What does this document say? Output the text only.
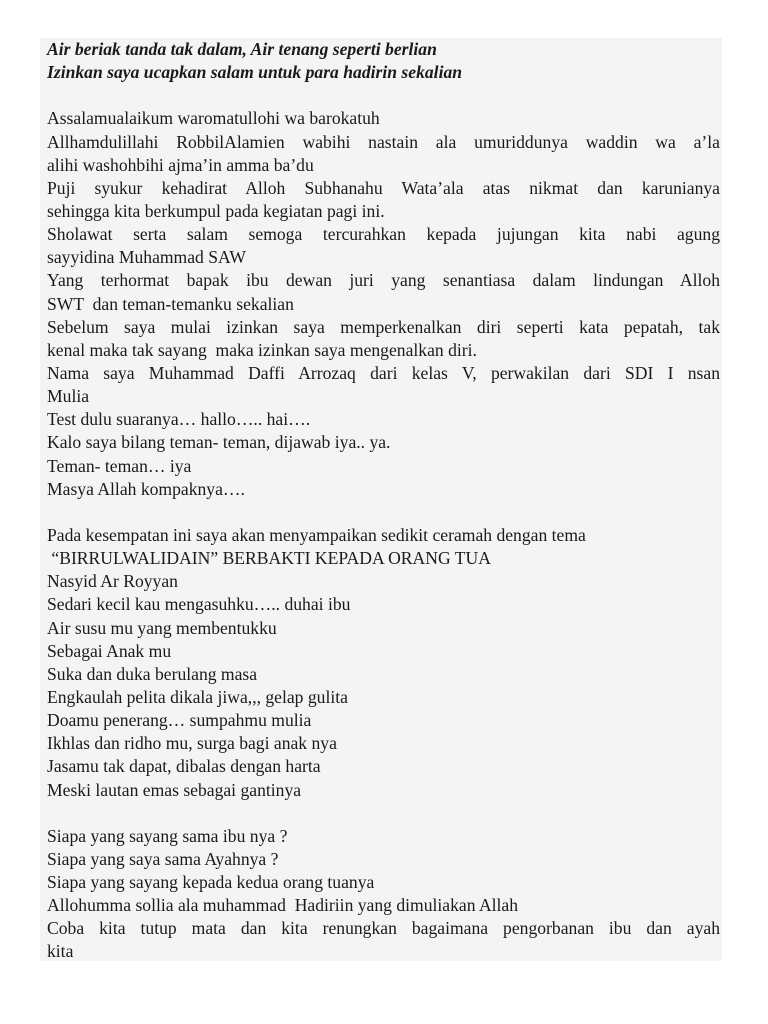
Air beriak tanda tak dalam, Air tenang seperti berlian
Izinkan saya ucapkan salam untuk para hadirin sekalian
Assalamualaikum waromatullohi wa barokatuh
Allhamdulillahi RobbilAlamien wabihi nastain ala umuriddunya waddin wa a’la
alihi washohbihi ajma’in amma ba’du
Puji syukur kehadirat Alloh Subhanahu Wata’ala atas nikmat dan karunianya
sehingga kita berkumpul pada kegiatan pagi ini.
Sholawat serta salam semoga tercurahkan kepada jujungan kita nabi agung
sayyidina Muhammad SAW
Yang terhormat bapak ibu dewan juri yang senantiasa dalam lindungan Alloh
SWT  dan teman-temanku sekalian
Sebelum saya mulai izinkan saya memperkenalkan diri seperti kata pepatah, tak
kenal maka tak sayang  maka izinkan saya mengenalkan diri.
Nama saya Muhammad Daffi Arrozaq dari kelas V, perwakilan dari SDI I nsan
Mulia
Test dulu suaranya… hallo….. hai….
Kalo saya bilang teman- teman, dijawab iya.. ya.
Teman- teman… iya
Masya Allah kompaknya….
Pada kesempatan ini saya akan menyampaikan sedikit ceramah dengan tema
“BIRRULWALIDAIN” BERBAKTI KEPADA ORANG TUA
Nasyid Ar Royyan
Sedari kecil kau mengasuhku….. duhai ibu
Air susu mu yang membentukku
Sebagai Anak mu
Suka dan duka berulang masa
Engkaulah pelita dikala jiwa,,, gelap gulita
Doamu penerang… sumpahmu mulia
Ikhlas dan ridho mu, surga bagi anak nya
Jasamu tak dapat, dibalas dengan harta
Meski lautan emas sebagai gantinya
Siapa yang sayang sama ibu nya ?
Siapa yang saya sama Ayahnya ?
Siapa yang sayang kepada kedua orang tuanya
Allohumma sollia ala muhammad  Hadiriin yang dimuliakan Allah
Coba kita tutup mata dan kita renungkan bagaimana pengorbanan ibu dan ayah
kita
